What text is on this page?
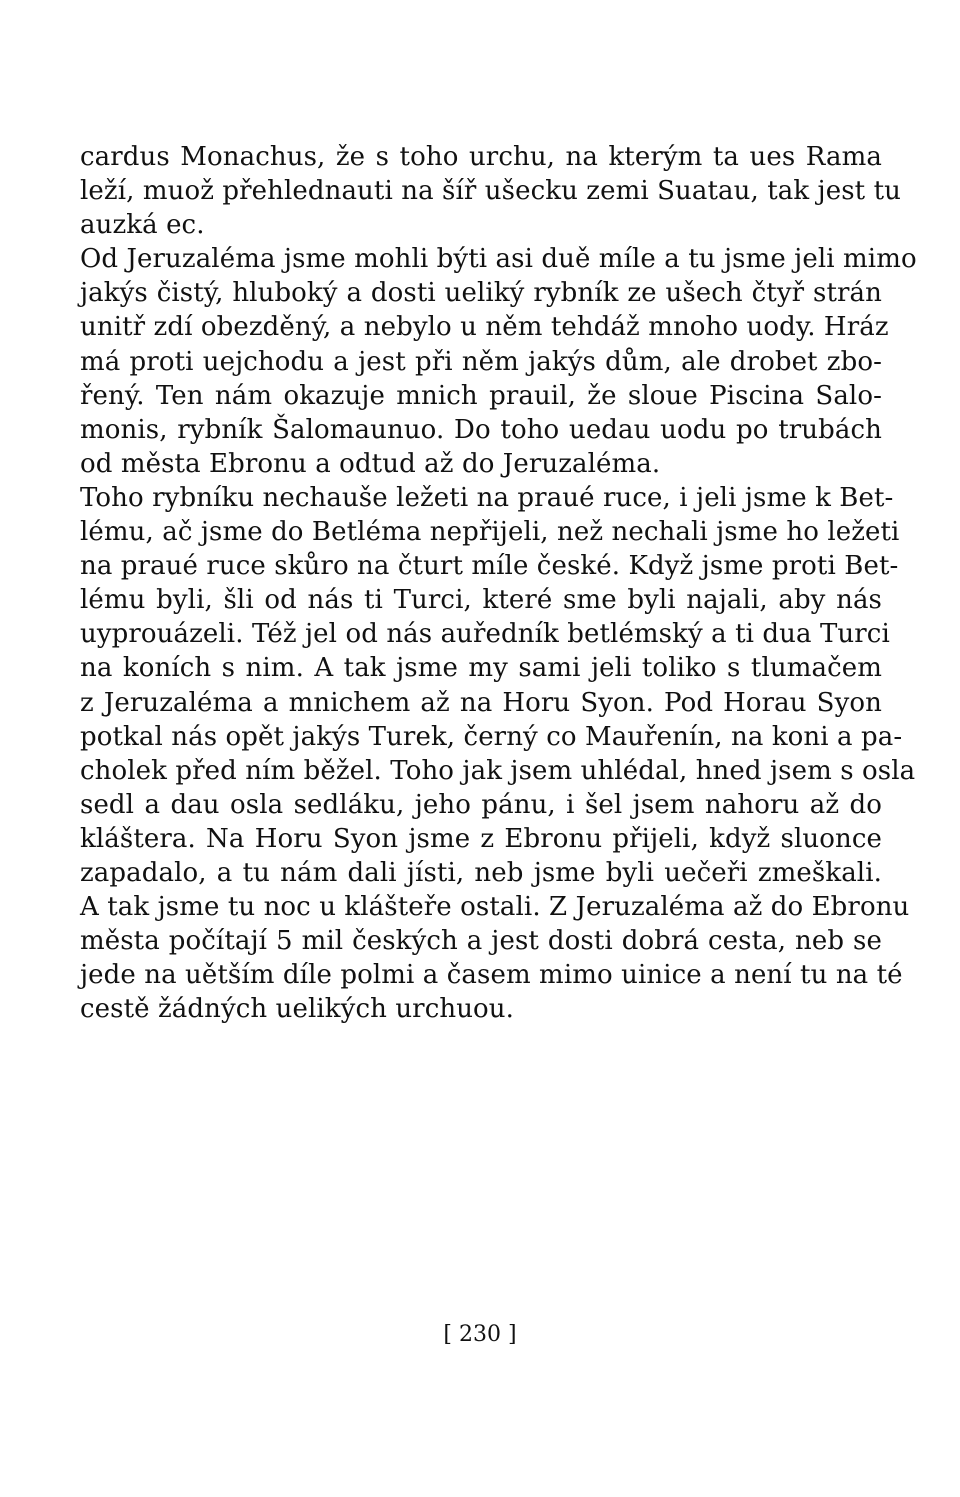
cardus Monachus, že s toho urchu, na kterým ta ues Rama
leží, muož přehlednauti na šíř ušecku zemi Suatau, tak jest tu
auzká ec.
Od Jeruzaléma jsme mohli býti asi duě míle a tu jsme jeli mimo
jakýs čistý, hluboký a dosti ueliký rybník ze ušech čtyř strán
unitř zdí obezděný, a nebylo u něm tehdáž mnoho uody. Hráz
má proti uejchodu a jest při něm jakýs dům, ale drobet zbo-
řený. Ten nám okazuje mnich prauil, že sloue Piscina Salo-
monis, rybník Šalomaunuo. Do toho uedau uodu po trubách
od města Ebronu a odtud až do Jeruzaléma.
Toho rybníku nechauše ležeti na praué ruce, i jeli jsme k Bet-
lému, ač jsme do Betléma nepřijeli, než nechali jsme ho ležeti
na praué ruce skůro na čturt míle české. Když jsme proti Bet-
lému byli, šli od nás ti Turci, které sme byli najali, aby nás
uyprouázeli. Též jel od nás auředník betlémský a ti dua Turci
na koních s nim. A tak jsme my sami jeli toliko s tlumačem
z Jeruzaléma a mnichem až na Horu Syon. Pod Horau Syon
potkal nás opět jakýs Turek, černý co Mauřenín, na koni a pa-
cholek před ním běžel. Toho jak jsem uhlédal, hned jsem s osla
sedl a dau osla sedláku, jeho pánu, i šel jsem nahoru až do
kláštera. Na Horu Syon jsme z Ebronu přijeli, když sluonce
zapadalo, a tu nám dali jísti, neb jsme byli uečeři zmeškali.
A tak jsme tu noc u klášteře ostali. Z Jeruzaléma až do Ebronu
města počítají 5 mil českých a jest dosti dobrá cesta, neb se
jede na uětším díle polmi a časem mimo uinice a není tu na té
cestě žádných uelikých urchuou.
[ 230 ]
